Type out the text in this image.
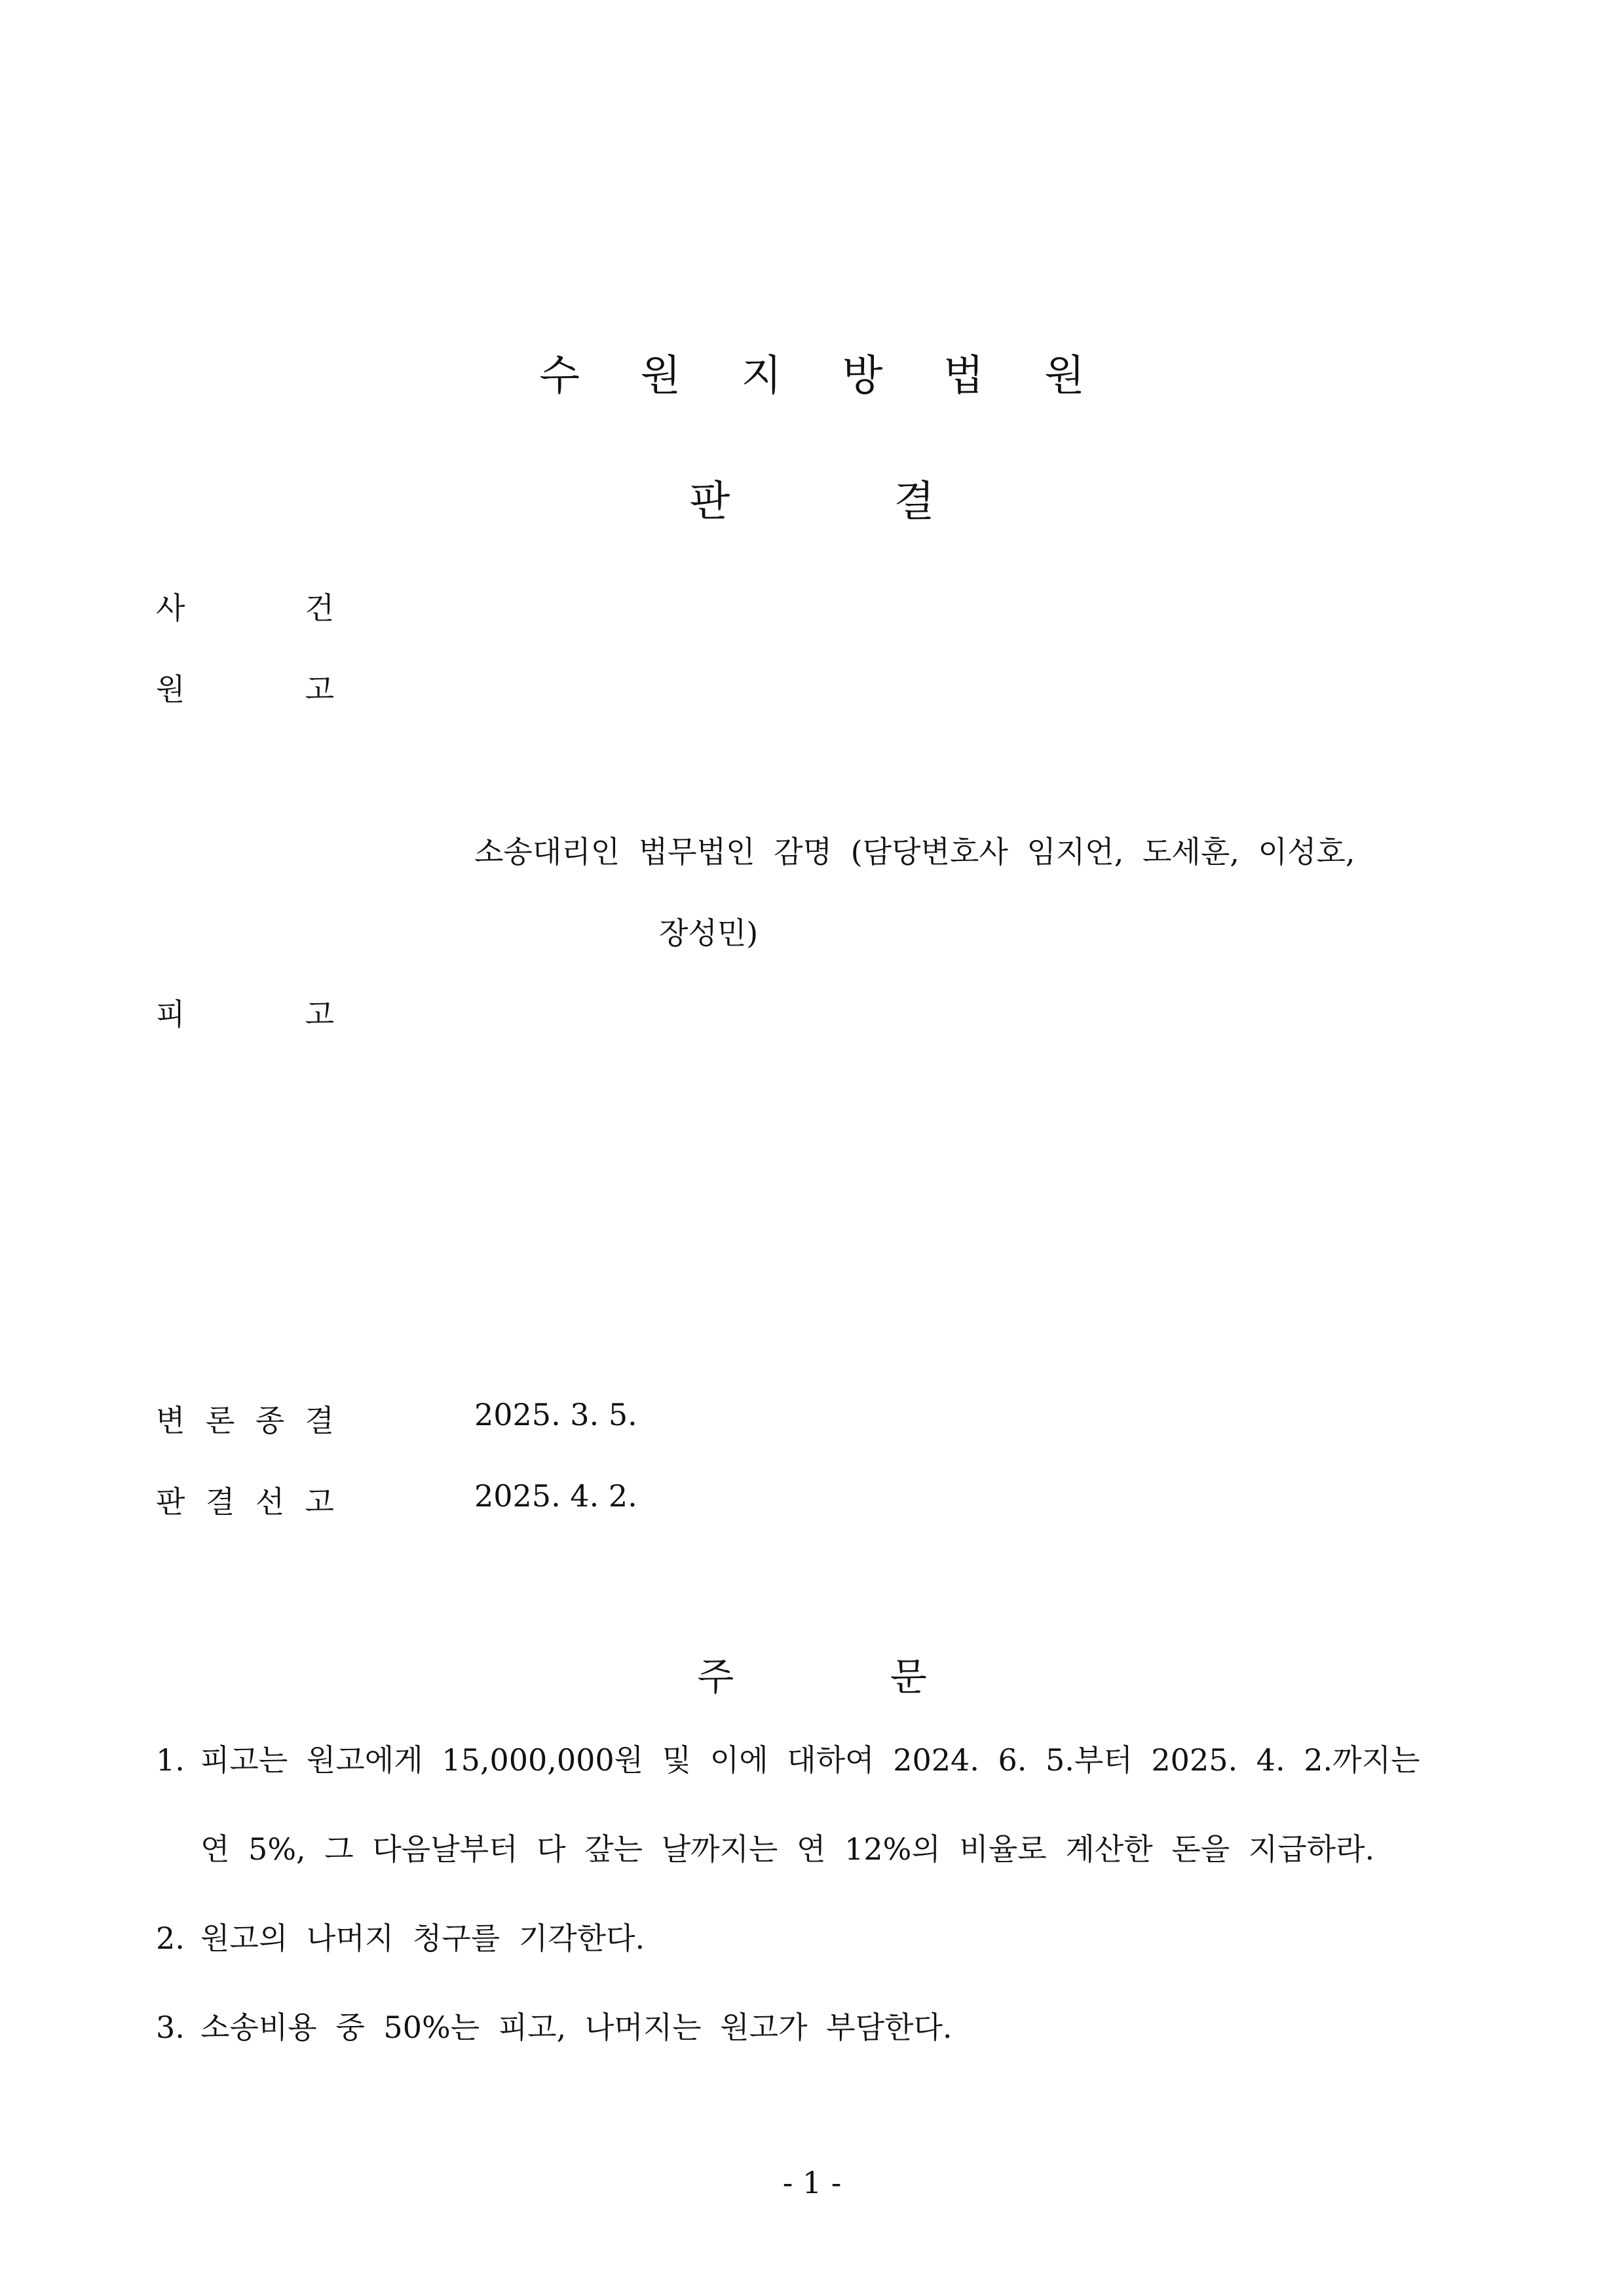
수 원 지 방 법 원
판 결
사	건
원	고
소송대리인 법무법인 감명 (담당변호사 임지언, 도세훈, 이성호,
장성민)
피	고
변 론 종 결	2025. 3. 5.
판 결 선 고	2025. 4. 2.
주 문
1. 피고는 원고에게 15,000,000원 및 이에 대하여 2024. 6. 5.부터 2025. 4. 2.까지는
연 5%, 그 다음날부터 다 갚는 날까지는 연 12%의 비율로 계산한 돈을 지급하라.
2. 원고의 나머지 청구를 기각한다.
3. 소송비용 중 50%는 피고, 나머지는 원고가 부담한다.
- 1 -
